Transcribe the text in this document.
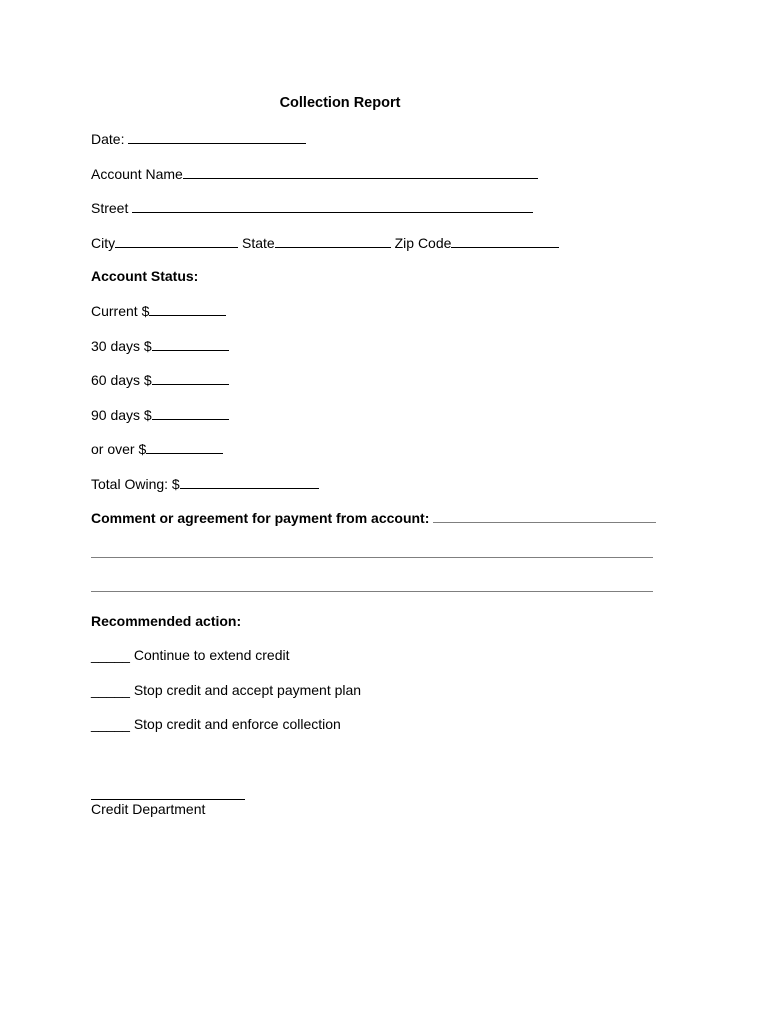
Collection Report
Date:
Account Name
Street
City	State	Zip Code
Account Status:
Current $
30 days $
60 days $
90 days $
or over $
Total Owing: $
Comment or agreement for payment from account:
Recommended action:
_____ Continue to extend credit
_____ Stop credit and accept payment plan
_____ Stop credit and enforce collection
Credit Department
